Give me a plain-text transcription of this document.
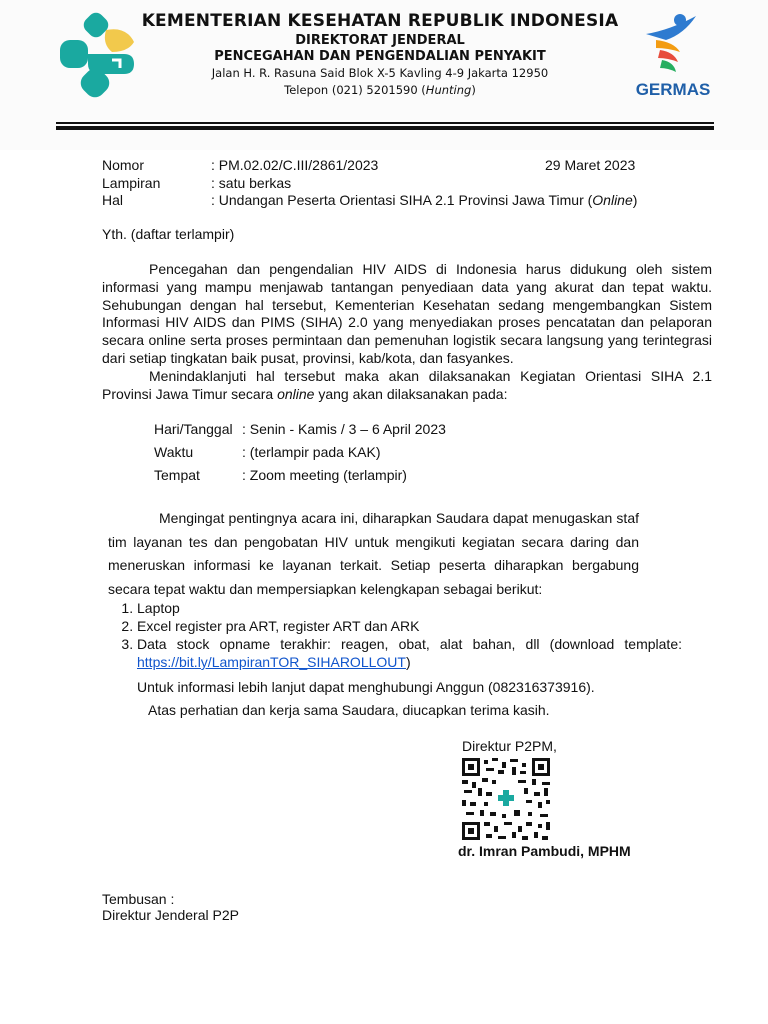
KEMENTERIAN KESEHATAN REPUBLIK INDONESIA
DIREKTORAT JENDERAL
PENCEGAHAN DAN PENGENDALIAN PENYAKIT
Jalan H. R. Rasuna Said Blok X-5 Kavling 4-9 Jakarta 12950
Telepon (021) 5201590 (Hunting)	GERMAS
Nomor	: PM.02.02/C.III/2861/2023	29 Maret 2023
Lampiran	: satu berkas
Hal	: Undangan Peserta Orientasi SIHA 2.1 Provinsi Jawa Timur (Online)
Yth. (daftar terlampir)
Pencegahan dan pengendalian HIV AIDS di Indonesia harus didukung oleh sistem informasi yang mampu menjawab tantangan penyediaan data yang akurat dan tepat waktu. Sehubungan dengan hal tersebut, Kementerian Kesehatan sedang mengembangkan Sistem Informasi HIV AIDS dan PIMS (SIHA) 2.0 yang menyediakan proses pencatatan dan pelaporan secara online serta proses permintaan dan pemenuhan logistik secara langsung yang terintegrasi dari setiap tingkatan baik pusat, provinsi, kab/kota, dan fasyankes.
Menindaklanjuti hal tersebut maka akan dilaksanakan Kegiatan Orientasi SIHA 2.1 Provinsi Jawa Timur secara online yang akan dilaksanakan pada:
Hari/Tanggal : Senin - Kamis / 3 – 6 April 2023
Waktu	: (terlampir pada KAK)
Tempat	: Zoom meeting (terlampir)
Mengingat pentingnya acara ini, diharapkan Saudara dapat menugaskan staf tim layanan tes dan pengobatan HIV untuk mengikuti kegiatan secara daring dan meneruskan informasi ke layanan terkait. Setiap peserta diharapkan bergabung secara tepat waktu dan mempersiapkan kelengkapan sebagai berikut:
1. Laptop
2. Excel register pra ART, register ART dan ARK
3. Data stock opname terakhir: reagen, obat, alat bahan, dll (download template: https://bit.ly/LampiranTOR_SIHAROLLOUT)
Untuk informasi lebih lanjut dapat menghubungi Anggun (082316373916).
Atas perhatian dan kerja sama Saudara, diucapkan terima kasih.
Direktur P2PM,
dr. Imran Pambudi, MPHM
Tembusan :
Direktur Jenderal P2P
